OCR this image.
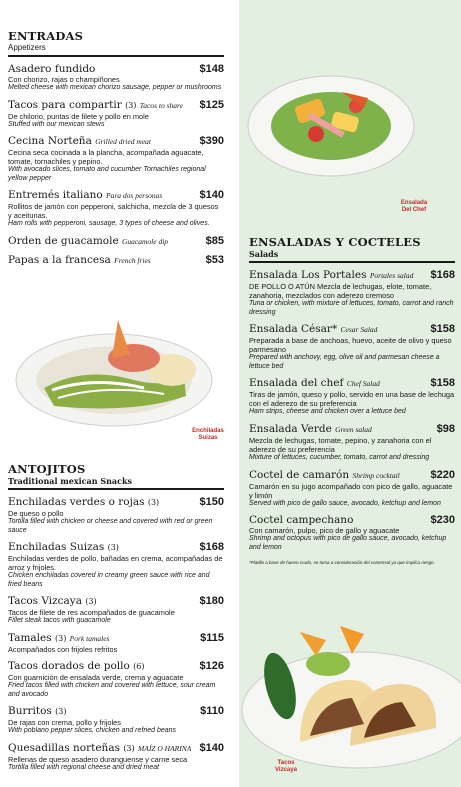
ENTRADAS
Appetizers
Asadero fundido	$148
Con chorizo, rajas o champiñones
Melted cheese with mexican chorizo sausage, pepper or mushrooms
Tacos para compartir (3) Tacos to share $125
De chilorio, puntas de filete y pollo en mole
Stuffed with our mexican stews
Cecina Norteña Grilled dried meat	$390
Cecina seca cocinada a la plancha, acompañada aguacate, tomate, tornachiles y pepino.
With avocado slices, tomato and cucumber Tornachiles regional yellow pepper
Entremés italiano Para dos personas	$140
Rollitos de jamón con pepperoni, salchicha, mezcla de 3 quesos y aceitunas.
Ham rolls with pepperoni, sausage, 3 types of cheese and olives.
Orden de guacamole Guacamole dip	$85
Papas a la francesa French fries	$53
Enchiladas Suizas
ANTOJITOS
Traditional mexican Snacks
Enchiladas verdes o rojas (3)	$150
De queso o pollo
Tortilla filled with chicken or cheese and covered with red or green sauce
Enchiladas Suizas (3)	$168
Enchiladas verdes de pollo, bañadas en crema, acompañadas de arroz y frijoles.
Chicken enchiladas covered in creamy green sauce with rice and fried beans
Tacos Vizcaya (3)	$180
Tacos de filete de res acompañados de guacamole
Fillet steak tacos with guacamole
Tamales (3) Pork tamales	$115
Acompañados con frijoles refritos
Tacos dorados de pollo (6)	$126
Con guarnición de ensalada verde, crema y aguacate
Fried tacos filled with chicken and covered with lettuce, sour cream and avocado
Burritos (3)	$110
De rajas con crema, pollo y frijoles
With poblano pepper slices, chicken and refried beans
Quesadillas norteñas (3) MAÍZ O HARINA $140
Rellenas de queso asadero duranguense y carne seca
Tortilla filled with regional cheese and dried meat
Ensalada Del Chef
ENSALADAS Y COCTELES
Salads
Ensalada Los Portales Portales salad $168
DE POLLO O ATÚN Mezcla de lechugas, elote, tomate, zanahoria, mezclados con aderezo cremoso
Tuna or chicken, with mixture of lettuces, tomato, carrot and ranch dressing
Ensalada César* Cesar Salad	$158
Preparada a base de anchoas, huevo, aceite de olivo y queso parmesano
Prepared with anchovy, egg, olive oil and parmesan cheese a lettuce bed
Ensalada del chef Chef Salad	$158
Tiras de jamón, queso y pollo, servido en una base de lechuga con el aderezo de su preferencia
Ham strips, cheese and chicken over a lettuce bed
Ensalada Verde Green salad	$98
Mezcla de lechugas, tomate, pepino, y zanahoria con el aderezo de su preferencia
Mixture of lettuces, cucumber, tomato, carrot and dressing
Coctel de camarón Shrimp cocktail	$220
Camarón en su jugo acompañado con pico de gallo, aguacate y limón
Served with pico de gallo sauce, avocado, ketchup and lemon
Coctel campechano	$230
Con camarón, pulpo, pico de gallo y aguacate
Shrimp and octopus with pico de gallo sauce, avocado, ketchup and lemon
*Platillo a base de huevo crudo, se toma a consideración del comensal ya que implica riesgo.
Tacos Vizcaya
